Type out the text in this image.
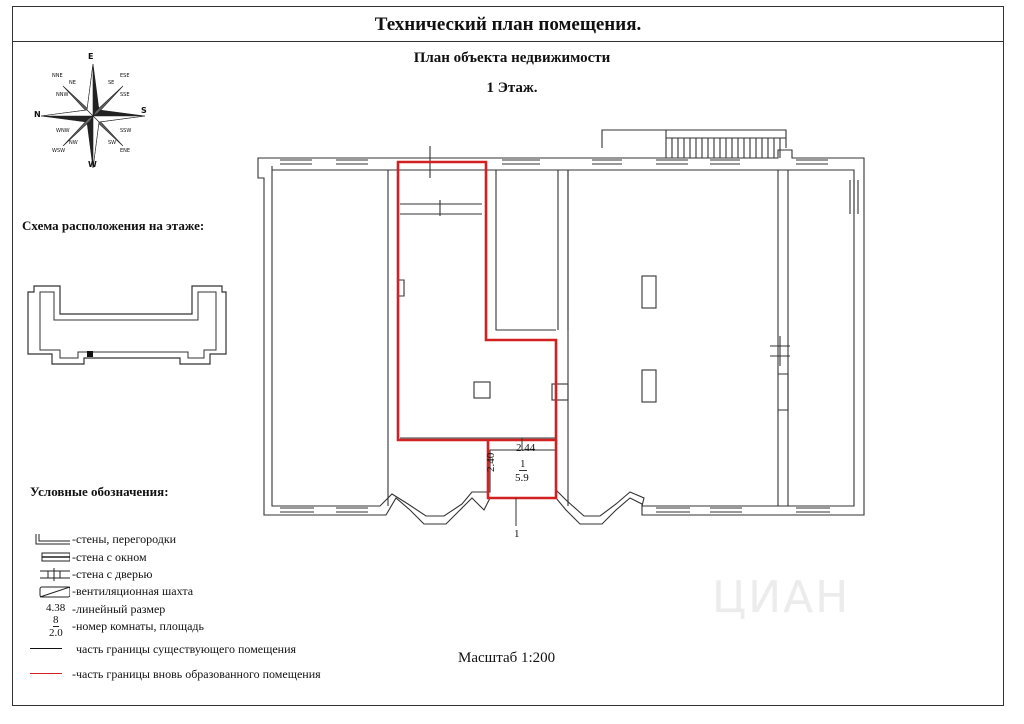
Технический план помещения.
План объекта недвижимости
1 Этаж.
E
W
N	S
NNE	ESE
NE	SE
NNW	SSE
WNW	SSW
NW	SW
WSW	ENE
Схема расположения на этаже:
2.44
2.40 1
5.9
1
Условные обозначения:
-стены, перегородки
-стена с окном
-стена с дверью
-вентиляционная шахта
4.38 -линейный размер
8
2.0 -номер комнаты, площадь
часть границы существующего помещения
-часть границы вновь образованного помещения
Масштаб 1:200
ЦИАН
